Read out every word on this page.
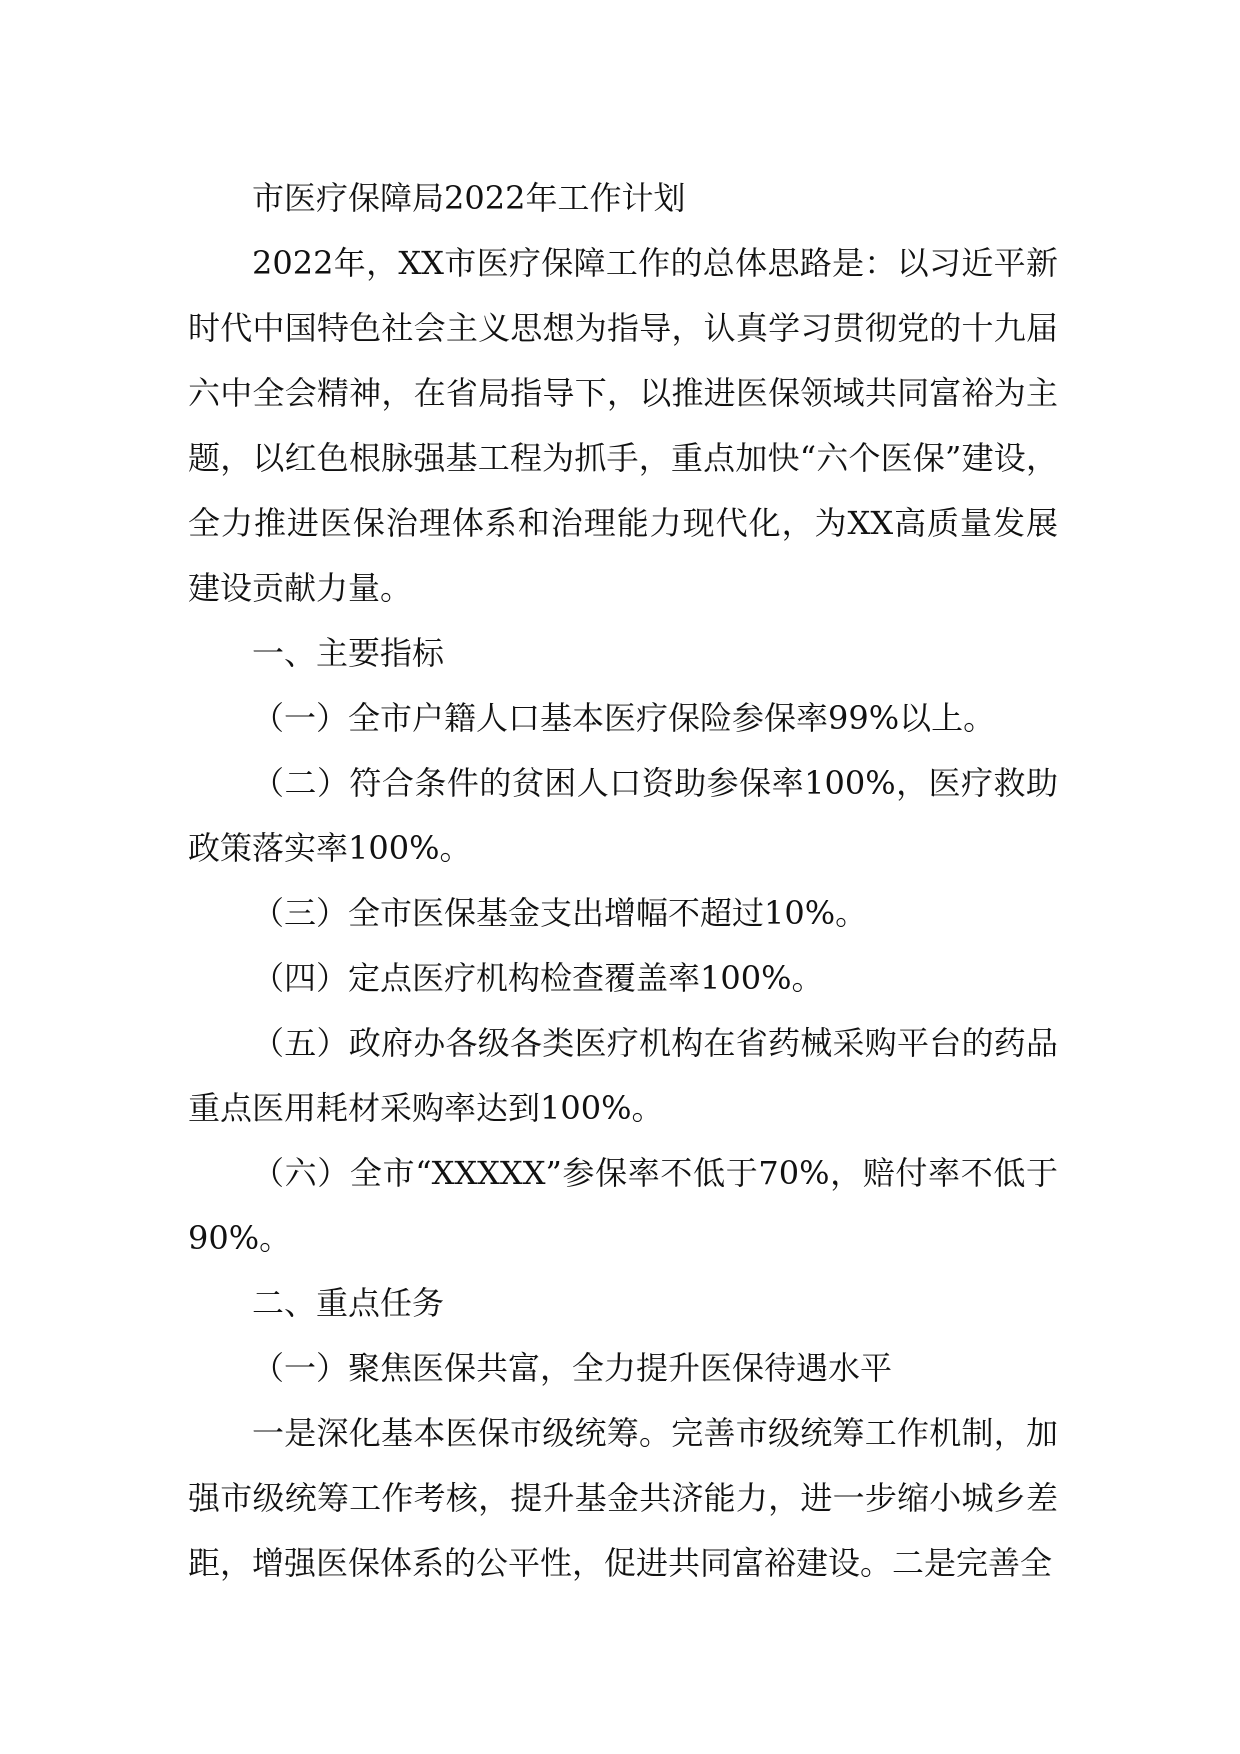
市医疗保障局2022年工作计划

2022年，XX市医疗保障工作的总体思路是：以习近平新时代中国特色社会主义思想为指导，认真学习贯彻党的十九届六中全会精神，在省局指导下，以推进医保领域共同富裕为主题，以红色根脉强基工程为抓手，重点加快“六个医保”建设，全力推进医保治理体系和治理能力现代化，为XX高质量发展建设贡献力量。

一、主要指标

（一）全市户籍人口基本医疗保险参保率99%以上。

（二）符合条件的贫困人口资助参保率100%，医疗救助政策落实率100%。

（三）全市医保基金支出增幅不超过10%。

（四）定点医疗机构检查覆盖率100%。

（五）政府办各级各类医疗机构在省药械采购平台的药品重点医用耗材采购率达到100%。

（六）全市“XXXXX”参保率不低于70%，赔付率不低于90%。

二、重点任务

（一）聚焦医保共富，全力提升医保待遇水平

一是深化基本医保市级统筹。完善市级统筹工作机制，加强市级统筹工作考核，提升基金共济能力，进一步缩小城乡差距，增强医保体系的公平性，促进共同富裕建设。二是完善全
